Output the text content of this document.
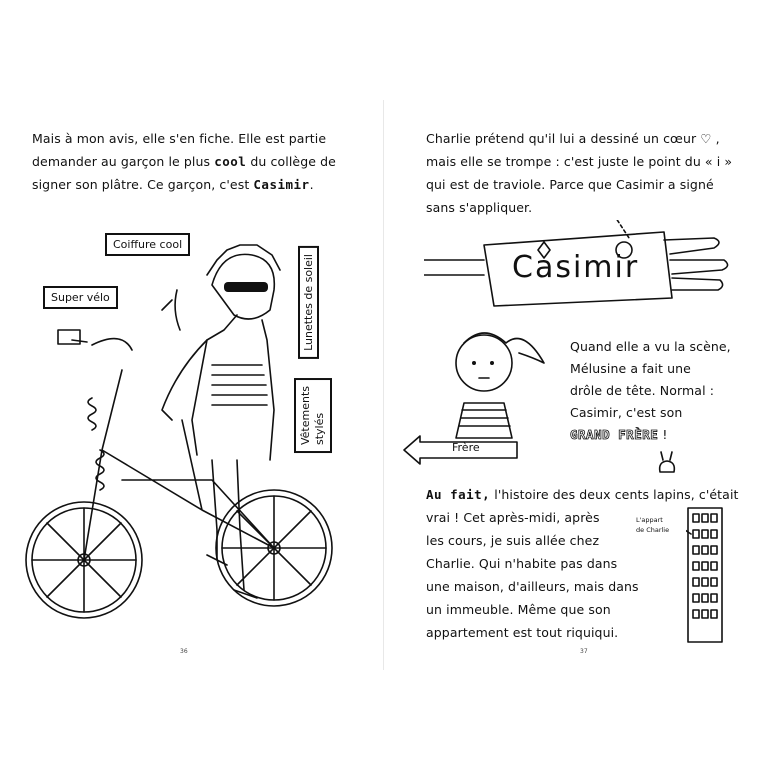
Mais à mon avis, elle s'en fiche. Elle est partie
demander au garçon le plus cool du collège de
signer son plâtre. Ce garçon, c'est Casimir.
Coiffure cool
Lunettes de soleil
Super vélo
Vêtements
stylés
36
Charlie prétend qu'il lui a dessiné un cœur ♡ ,
mais elle se trompe : c'est juste le point du « i »
qui est de traviole. Parce que Casimir a signé
sans s'appliquer.
Casimir
Quand elle a vu la scène,
Mélusine a fait une
drôle de tête. Normal :
Casimir, c'est son
GRAND FRÈRE !
Frère
Au fait, l'histoire des deux cents lapins, c'était
vrai ! Cet après-midi, après
les cours, je suis allée chez
Charlie. Qui n'habite pas dans
une maison, d'ailleurs, mais dans
un immeuble. Même que son
appartement est tout riquiqui.
L'appart
de Charlie
37
